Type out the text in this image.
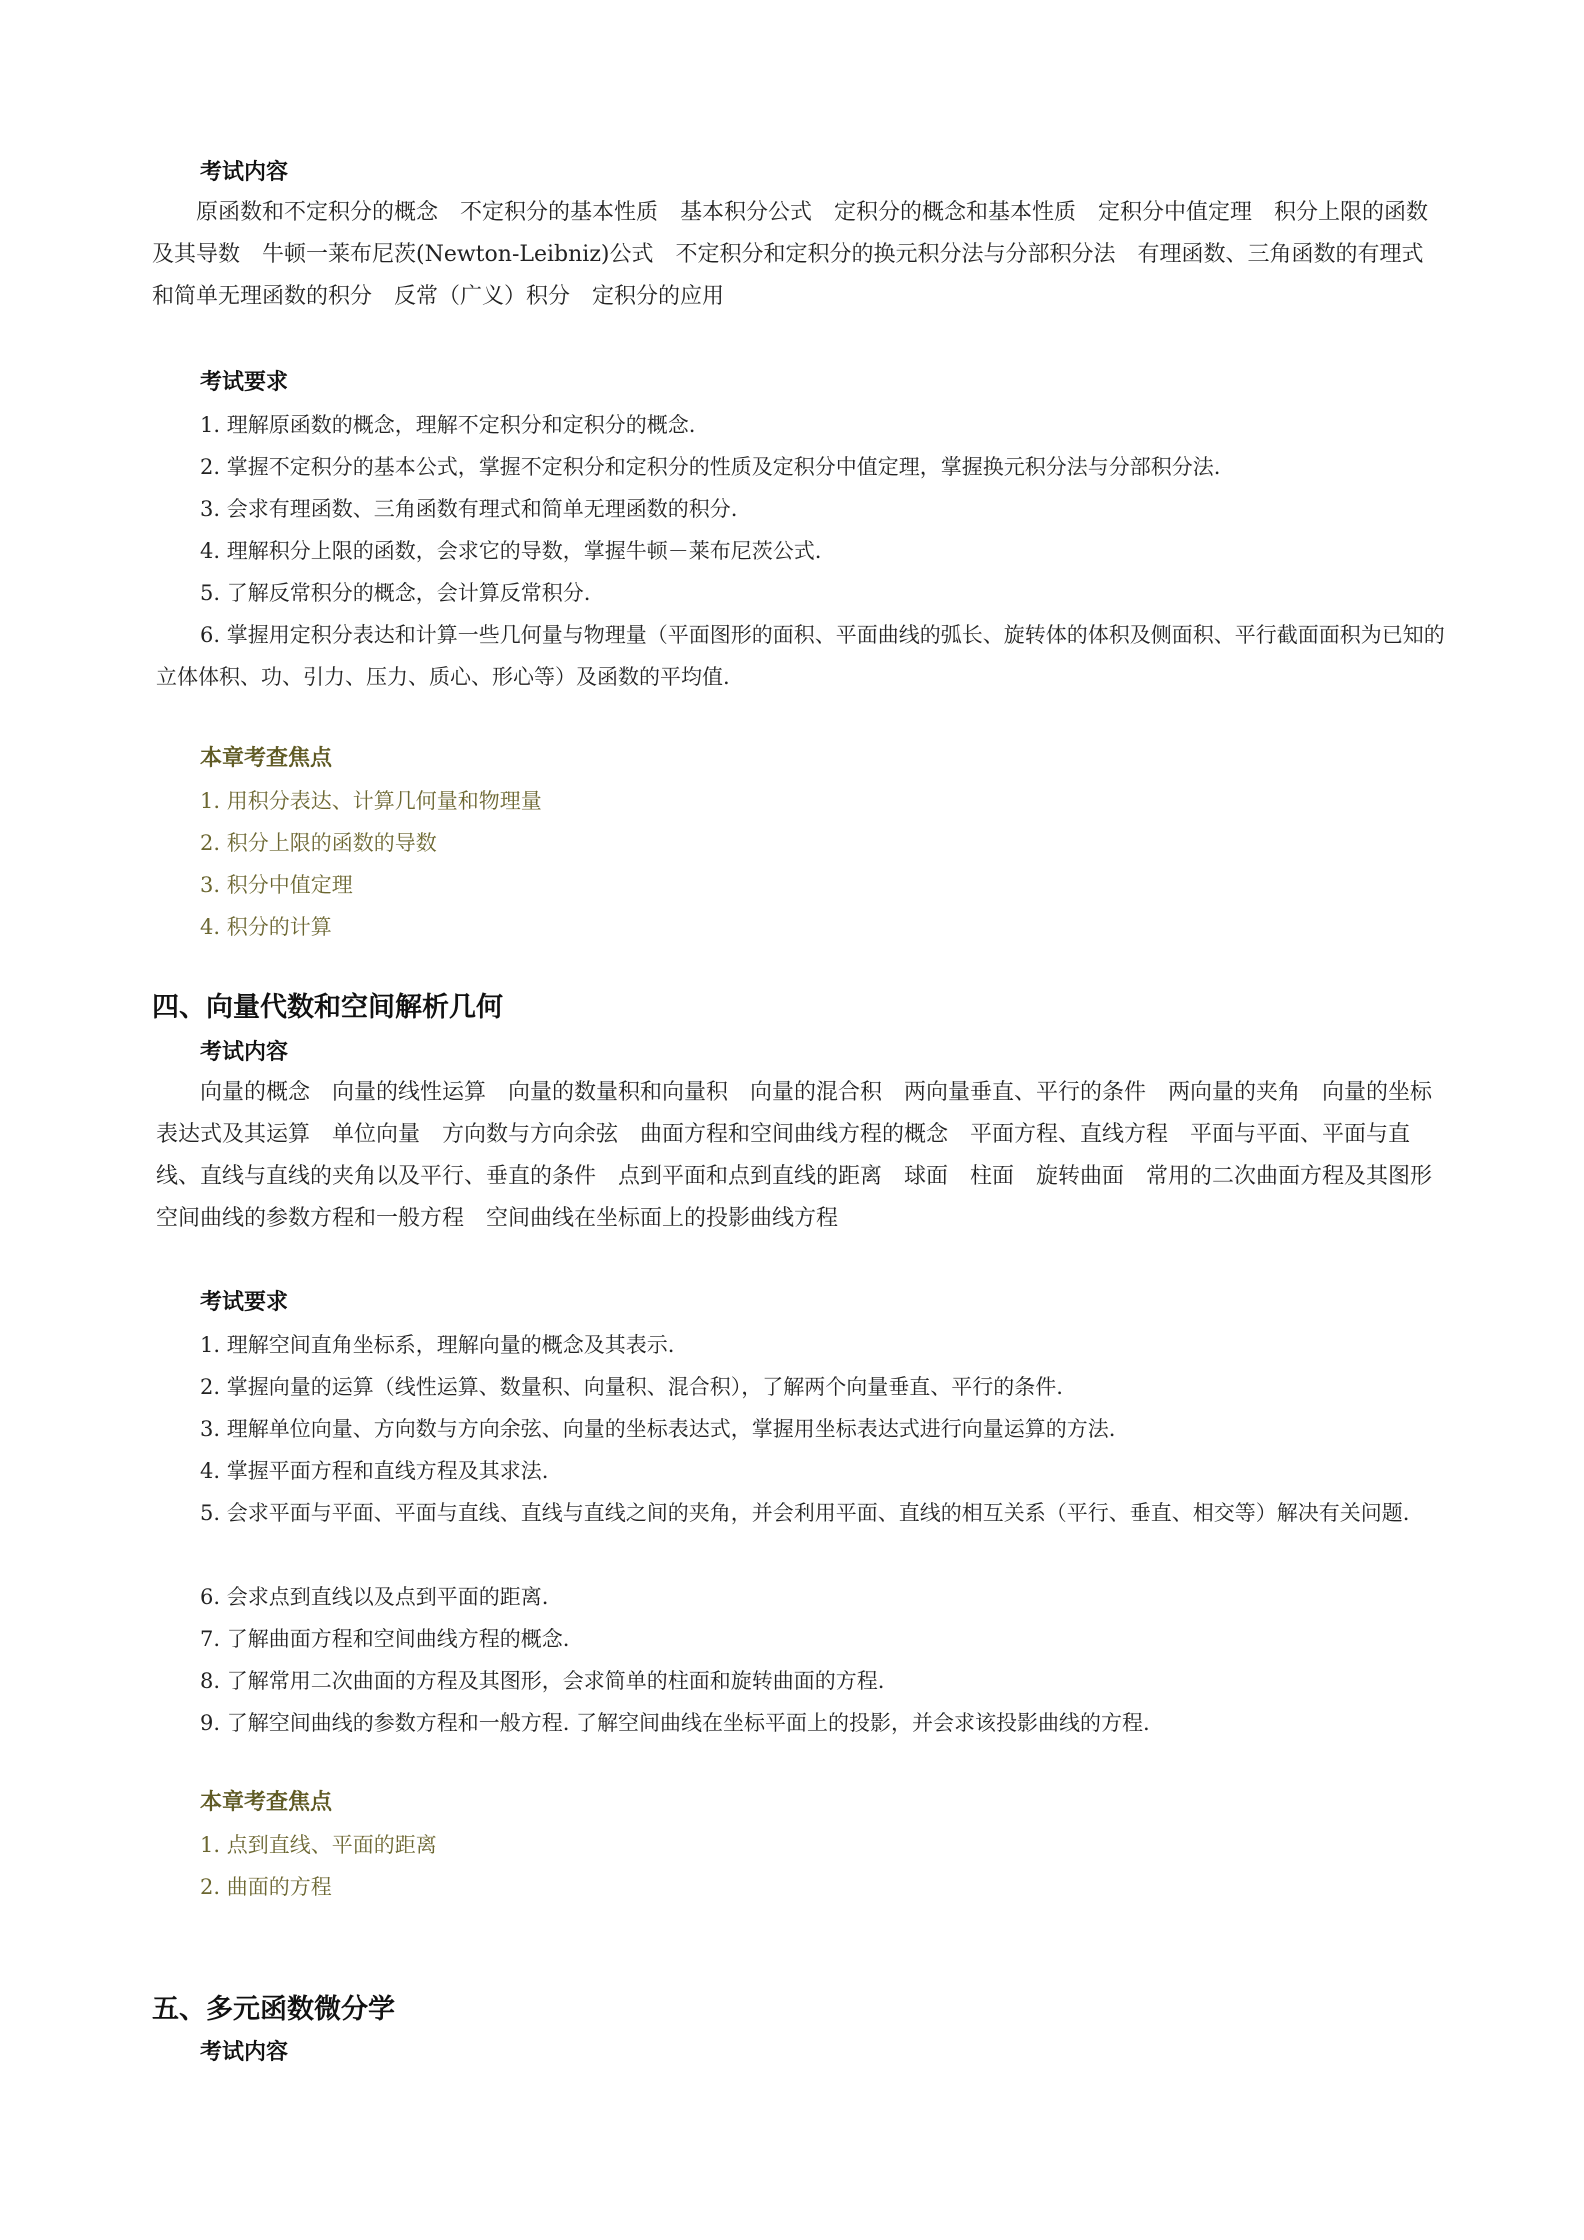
考试内容
原函数和不定积分的概念　不定积分的基本性质　基本积分公式　定积分的概念和基本性质　定积分中值定理　积分上限的函数及其导数　牛顿一莱布尼茨(Newton-Leibniz)公式　不定积分和定积分的换元积分法与分部积分法　有理函数、三角函数的有理式和简单无理函数的积分　反常（广义）积分　定积分的应用
考试要求
1. 理解原函数的概念，理解不定积分和定积分的概念.
2. 掌握不定积分的基本公式，掌握不定积分和定积分的性质及定积分中值定理，掌握换元积分法与分部积分法.
3. 会求有理函数、三角函数有理式和简单无理函数的积分.
4. 理解积分上限的函数，会求它的导数，掌握牛顿－莱布尼茨公式.
5. 了解反常积分的概念，会计算反常积分.
6. 掌握用定积分表达和计算一些几何量与物理量（平面图形的面积、平面曲线的弧长、旋转体的体积及侧面积、平行截面面积为已知的立体体积、功、引力、压力、质心、形心等）及函数的平均值.
本章考查焦点
1. 用积分表达、计算几何量和物理量
2. 积分上限的函数的导数
3. 积分中值定理
4. 积分的计算
四、向量代数和空间解析几何
考试内容
向量的概念　向量的线性运算　向量的数量积和向量积　向量的混合积　两向量垂直、平行的条件　两向量的夹角　向量的坐标表达式及其运算　单位向量　方向数与方向余弦　曲面方程和空间曲线方程的概念　平面方程、直线方程　平面与平面、平面与直线、直线与直线的夹角以及平行、垂直的条件　点到平面和点到直线的距离　球面　柱面　旋转曲面　常用的二次曲面方程及其图形　空间曲线的参数方程和一般方程　空间曲线在坐标面上的投影曲线方程
考试要求
1. 理解空间直角坐标系，理解向量的概念及其表示.
2. 掌握向量的运算（线性运算、数量积、向量积、混合积），了解两个向量垂直、平行的条件.
3. 理解单位向量、方向数与方向余弦、向量的坐标表达式，掌握用坐标表达式进行向量运算的方法.
4. 掌握平面方程和直线方程及其求法.
5. 会求平面与平面、平面与直线、直线与直线之间的夹角，并会利用平面、直线的相互关系（平行、垂直、相交等）解决有关问题.
6. 会求点到直线以及点到平面的距离.
7. 了解曲面方程和空间曲线方程的概念.
8. 了解常用二次曲面的方程及其图形，会求简单的柱面和旋转曲面的方程.
9. 了解空间曲线的参数方程和一般方程. 了解空间曲线在坐标平面上的投影，并会求该投影曲线的方程.
本章考查焦点
1. 点到直线、平面的距离
2. 曲面的方程
五、多元函数微分学
考试内容
